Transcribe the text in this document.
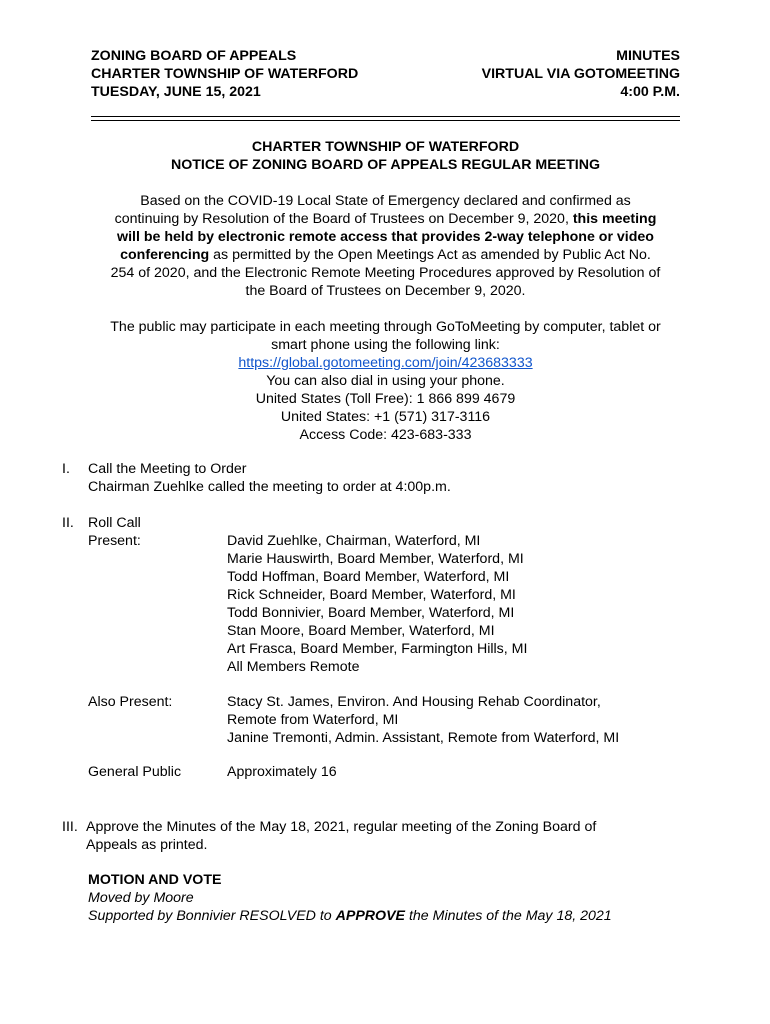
ZONING BOARD OF APPEALS
CHARTER TOWNSHIP OF WATERFORD
TUESDAY, JUNE 15, 2021
MINUTES
VIRTUAL VIA GOTOMEETING
4:00 P.M.
CHARTER TOWNSHIP OF WATERFORD
NOTICE OF ZONING BOARD OF APPEALS REGULAR MEETING
Based on the COVID-19 Local State of Emergency declared and confirmed as
continuing by Resolution of the Board of Trustees on December 9, 2020, this meeting
will be held by electronic remote access that provides 2-way telephone or video
conferencing as permitted by the Open Meetings Act as amended by Public Act No.
254 of 2020, and the Electronic Remote Meeting Procedures approved by Resolution of
the Board of Trustees on December 9, 2020.
The public may participate in each meeting through GoToMeeting by computer, tablet or
smart phone using the following link:
https://global.gotomeeting.com/join/423683333
You can also dial in using your phone.
United States (Toll Free): 1 866 899 4679
United States: +1 (571) 317-3116
Access Code: 423-683-333
I. Call the Meeting to Order
Chairman Zuehlke called the meeting to order at 4:00p.m.
II. Roll Call
Present:	David Zuehlke, Chairman, Waterford, MI
Marie Hauswirth, Board Member, Waterford, MI
Todd Hoffman, Board Member, Waterford, MI
Rick Schneider, Board Member, Waterford, MI
Todd Bonnivier, Board Member, Waterford, MI
Stan Moore, Board Member, Waterford, MI
Art Frasca, Board Member, Farmington Hills, MI
All Members Remote
Also Present:	Stacy St. James, Environ. And Housing Rehab Coordinator,
Remote from Waterford, MI
Janine Tremonti, Admin. Assistant, Remote from Waterford, MI
General Public	Approximately 16
III. Approve the Minutes of the May 18, 2021, regular meeting of the Zoning Board of
Appeals as printed.
MOTION AND VOTE
Moved by Moore
Supported by Bonnivier RESOLVED to APPROVE the Minutes of the May 18, 2021
